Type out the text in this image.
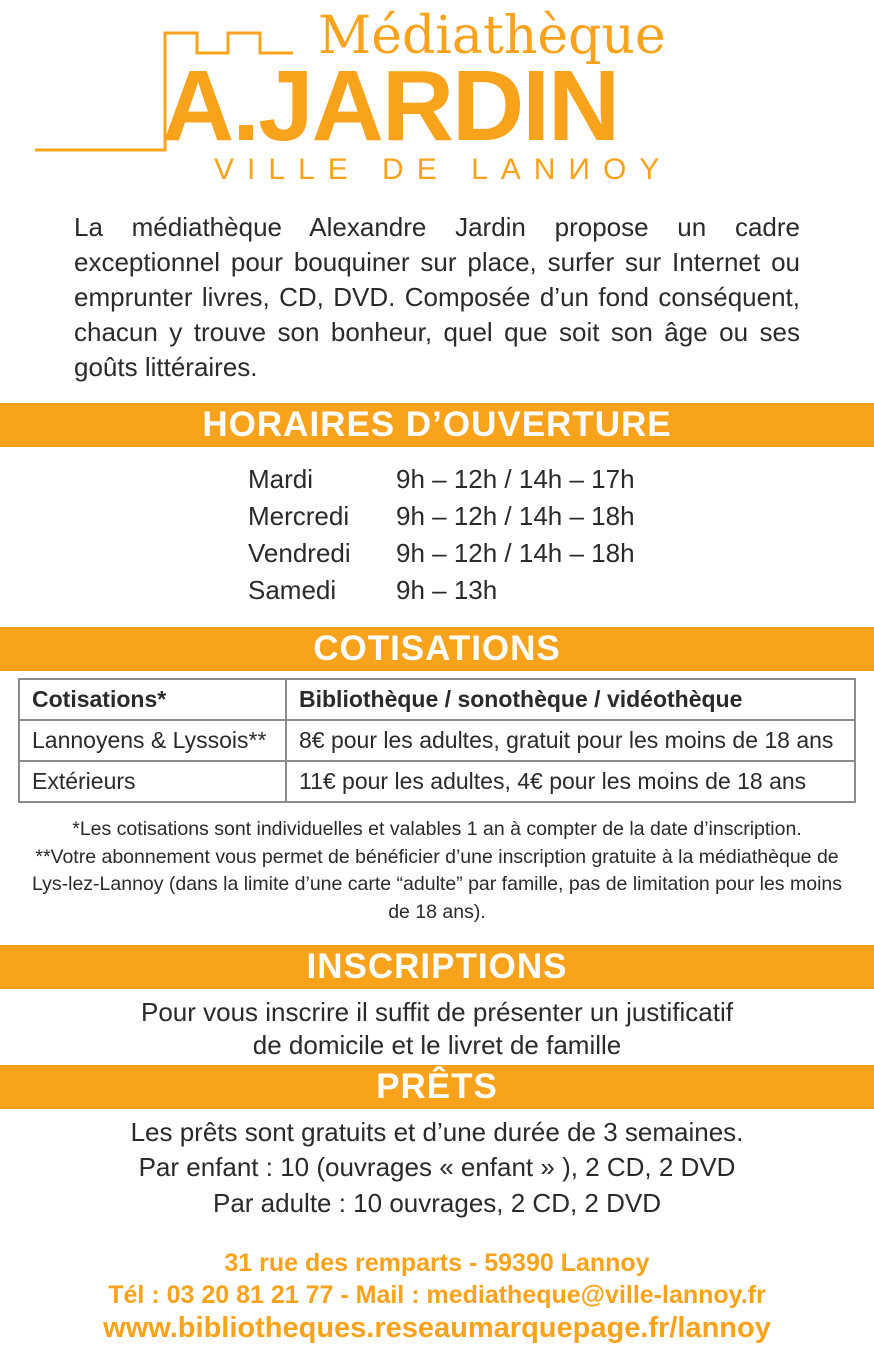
Médiathèque
A.JARDIN
VILLE DE LANИOY

La médiathèque Alexandre Jardin propose un cadre exceptionnel pour bouquiner sur place, surfer sur Internet ou emprunter livres, CD, DVD. Composée d’un fond conséquent, chacun y trouve son bonheur, quel que soit son âge ou ses goûts littéraires.

HORAIRES D’OUVERTURE
Mardi	9h – 12h / 14h – 17h
Mercredi	9h – 12h / 14h – 18h
Vendredi	9h – 12h / 14h – 18h
Samedi	9h – 13h
COTISATIONS
Cotisations*	Bibliothèque / sonothèque / vidéothèque
Lannoyens & Lyssois**	8€ pour les adultes, gratuit pour les moins de 18 ans
Extérieurs	11€ pour les adultes, 4€ pour les moins de 18 ans

*Les cotisations sont individuelles et valables 1 an à compter de la date d’inscription.

**Votre abonnement vous permet de bénéficier d’une inscription gratuite à la médiathèque de Lys-lez-Lannoy (dans la limite d’une carte “adulte” par famille, pas de limitation pour les moins de 18 ans).

INSCRIPTIONS
Pour vous inscrire il suffit de présenter un justificatif
de domicile et le livret de famille
PRÊTS
Les prêts sont gratuits et d’une durée de 3 semaines.
Par enfant : 10 (ouvrages « enfant » ), 2 CD, 2 DVD
Par adulte : 10 ouvrages, 2 CD, 2 DVD
31 rue des remparts - 59390 Lannoy
Tél : 03 20 81 21 77 - Mail : mediatheque@ville-lannoy.fr
www.bibliotheques.reseaumarquepage.fr/lannoy
